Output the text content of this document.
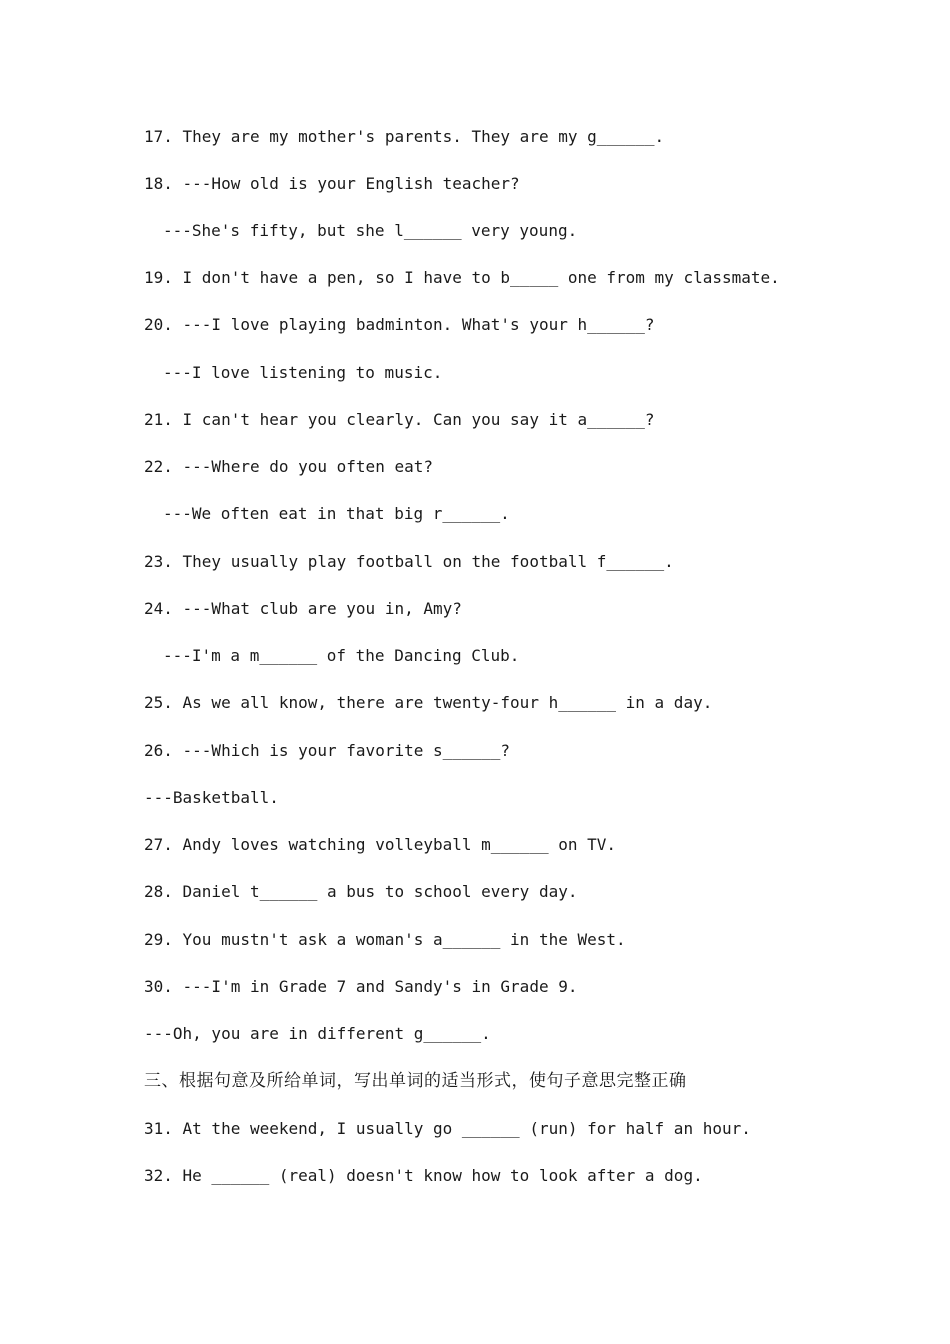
17. They are my mother's parents. They are my g______.
18. ---How old is your English teacher?
---She's fifty, but she l______ very young.
19. I don't have a pen, so I have to b_____ one from my classmate.
20. ---I love playing badminton. What's your h______?
---I love listening to music.
21. I can't hear you clearly. Can you say it a______?
22. ---Where do you often eat?
---We often eat in that big r______.
23. They usually play football on the football f______.
24. ---What club are you in, Amy?
---I'm a m______ of the Dancing Club.
25. As we all know, there are twenty-four h______ in a day.
26. ---Which is your favorite s______?
---Basketball.
27. Andy loves watching volleyball m______ on TV.
28. Daniel t______ a bus to school every day.
29. You mustn't ask a woman's a______ in the West.
30. ---I'm in Grade 7 and Sandy's in Grade 9.
---Oh, you are in different g______.
三、根据句意及所给单词，写出单词的适当形式，使句子意思完整正确
31. At the weekend, I usually go ______ (run) for half an hour.
32. He ______ (real) doesn't know how to look after a dog.
